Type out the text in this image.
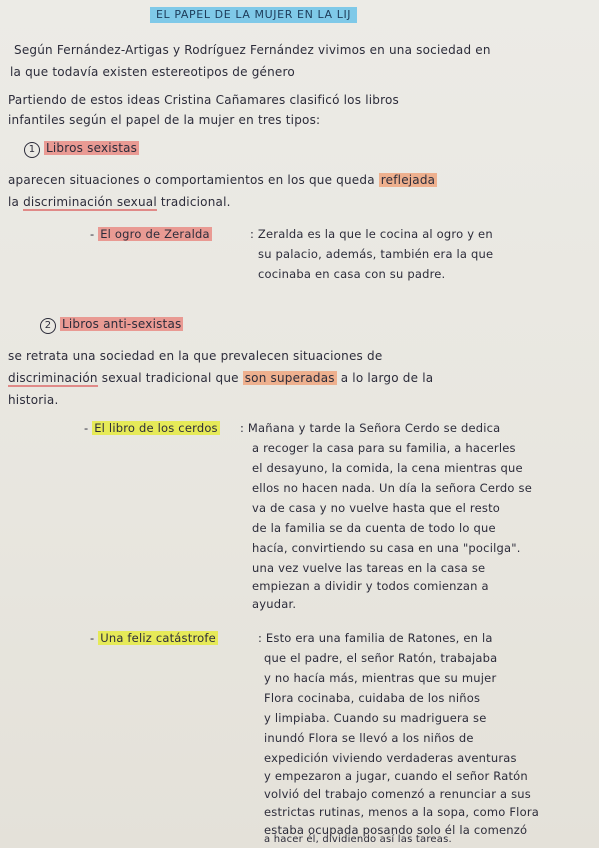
EL PAPEL DE LA MUJER EN LA LIJ
Según Fernández-Artigas y Rodríguez Fernández vivimos en una sociedad en
la que todavía existen estereotipos de género
Partiendo de estos ideas Cristina Cañamares clasificó los libros
infantiles según el papel de la mujer en tres tipos:
1 Libros sexistas
aparecen situaciones o comportamientos en los que queda reflejada
la discriminación sexual tradicional.
- El ogro de Zeralda	: Zeralda es la que le cocina al ogro y en
su palacio, además, también era la que
cocinaba en casa con su padre.
2 Libros anti-sexistas
se retrata una sociedad en la que prevalecen situaciones de
discriminación sexual tradicional que son superadas a lo largo de la
historia.
- El libro de los cerdos : Mañana y tarde la Señora Cerdo se dedica
a recoger la casa para su familia, a hacerles
el desayuno, la comida, la cena mientras que
ellos no hacen nada. Un día la señora Cerdo se
va de casa y no vuelve hasta que el resto
de la familia se da cuenta de todo lo que
hacía, convirtiendo su casa en una "pocilga".
una vez vuelve las tareas en la casa se
empiezan a dividir y todos comienzan a
ayudar.
- Una feliz catástrofe	: Esto era una familia de Ratones, en la
que el padre, el señor Ratón, trabajaba
y no hacía más, mientras que su mujer
Flora cocinaba, cuidaba de los niños
y limpiaba. Cuando su madriguera se
inundó Flora se llevó a los niños de
expedición viviendo verdaderas aventuras
y empezaron a jugar, cuando el señor Ratón
volvió del trabajo comenzó a renunciar a sus
estrictas rutinas, menos a la sopa, como Flora
estaba ocupada posando solo él la comenzó
a hacer él, dividiendo así las tareas.
